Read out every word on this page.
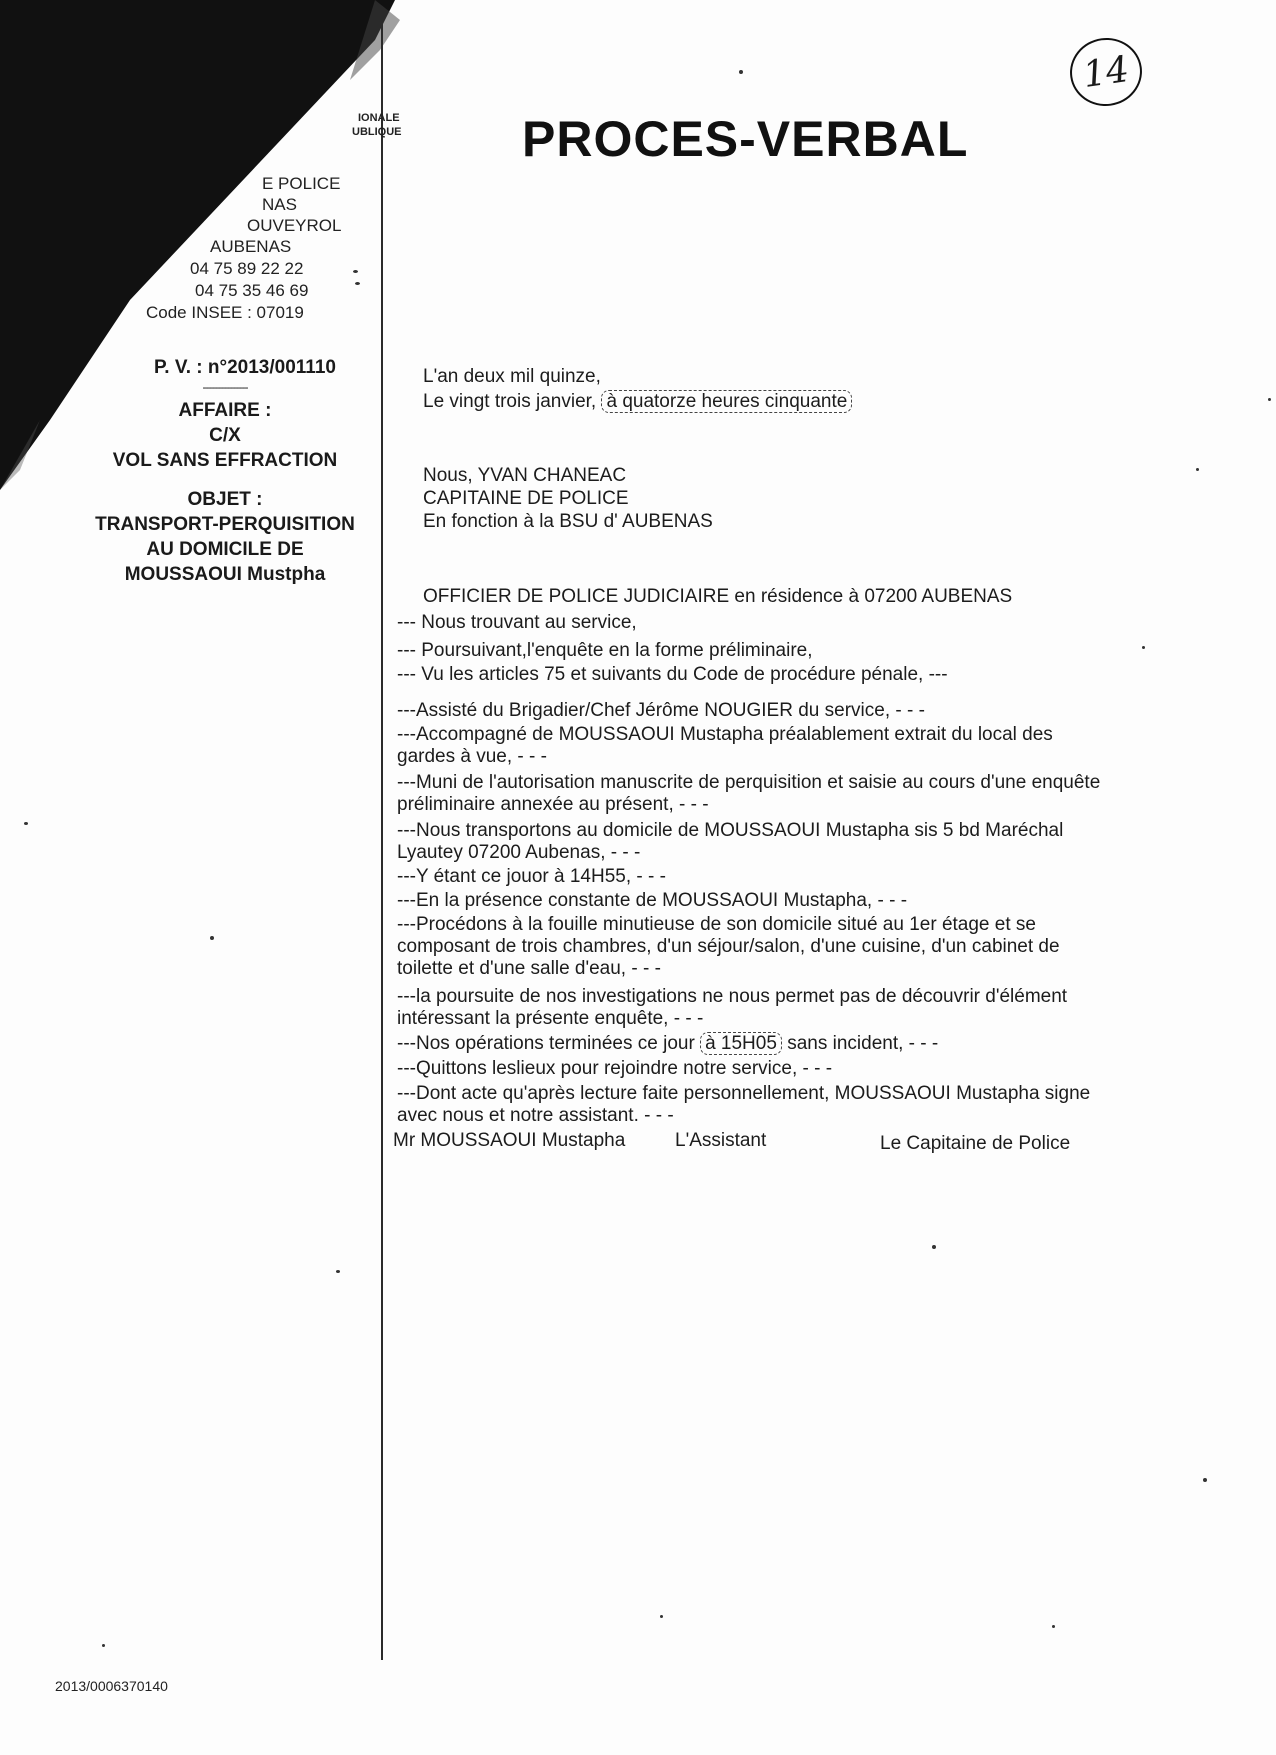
IONALE
UBLIQUE
E POLICE
NAS
OUVEYROL
AUBENAS
04 75 89 22 22
04 75 35 46 69
Code INSEE : 07019
14
PROCES-VERBAL
P. V. : n°2013/001110
---------------
AFFAIRE :
C/X
VOL SANS EFFRACTION
OBJET :
TRANSPORT-PERQUISITION
AU DOMICILE DE
MOUSSAOUI Mustpha
L'an deux mil quinze,
Le vingt trois janvier, à quatorze heures cinquante
Nous, YVAN CHANEAC
CAPITAINE DE POLICE
En fonction à la BSU d' AUBENAS
OFFICIER DE POLICE JUDICIAIRE en résidence à 07200 AUBENAS
--- Nous trouvant au service,
--- Poursuivant,l'enquête en la forme préliminaire,
--- Vu les articles 75 et suivants du Code de procédure pénale, ---
---Assisté du Brigadier/Chef Jérôme NOUGIER du service, - - -
---Accompagné de MOUSSAOUI Mustapha préalablement extrait du local des
gardes à vue, - - -
---Muni de l'autorisation manuscrite de perquisition et saisie au cours d'une enquête
préliminaire annexée au présent, - - -
---Nous transportons au domicile de MOUSSAOUI Mustapha sis 5 bd Maréchal
Lyautey 07200 Aubenas, - - -
---Y étant ce jouor à 14H55, - - -
---En la présence constante de MOUSSAOUI Mustapha, - - -
---Procédons à la fouille minutieuse de son domicile situé au 1er étage et se
composant de trois chambres, d'un séjour/salon, d'une cuisine, d'un cabinet de
toilette et d'une salle d'eau, - - -
---la poursuite de nos investigations ne nous permet pas de découvrir d'élément
intéressant la présente enquête, - - -
---Nos opérations terminées ce jour à 15H05 sans incident, - - -
---Quittons leslieux pour rejoindre notre service, - - -
---Dont acte qu'après lecture faite personnellement, MOUSSAOUI Mustapha signe
avec nous et notre assistant. - - -
Mr MOUSSAOUI Mustapha	L'Assistant	Le Capitaine de Police
2013/0006370140
